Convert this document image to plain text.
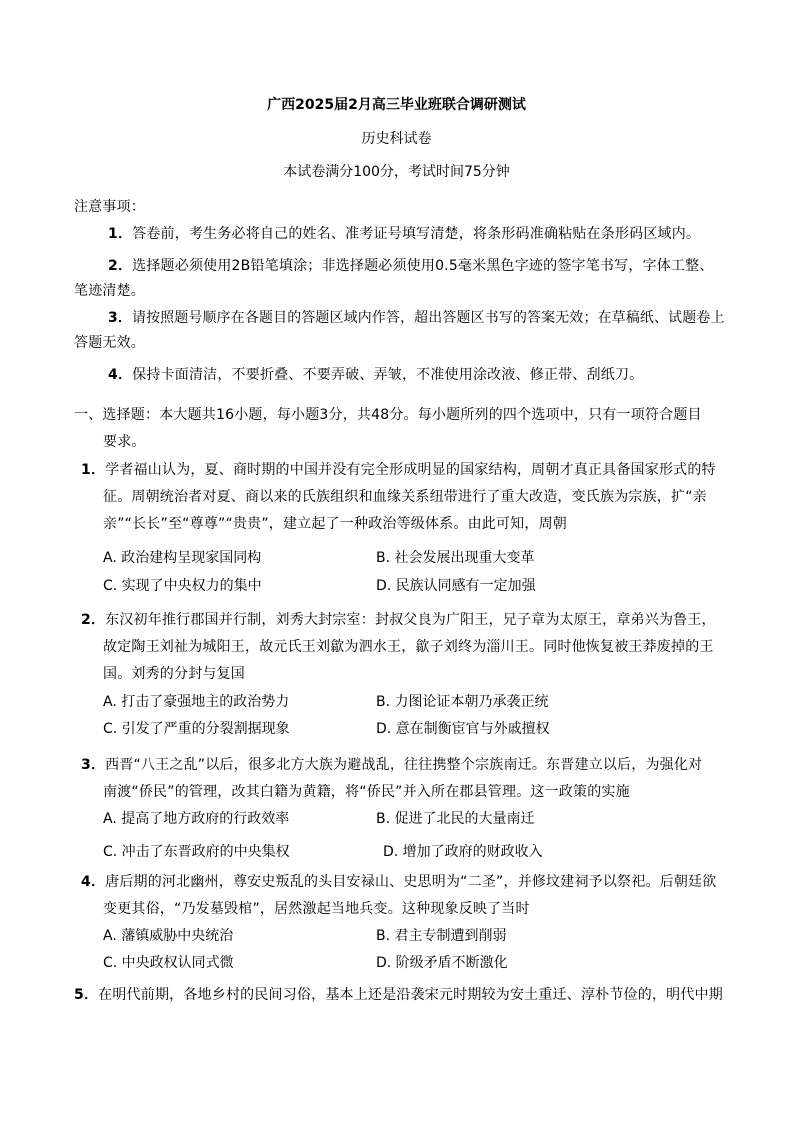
广西2025届2月高三毕业班联合调研测试
历史科试卷
本试卷满分100分，考试时间75分钟
注意事项：
1．答卷前，考生务必将自己的姓名、准考证号填写清楚，将条形码准确粘贴在条形码区域内。
2．选择题必须使用2B铅笔填涂；非选择题必须使用0.5毫米黑色字迹的签字笔书写，字体工整、
笔迹清楚。
3．请按照题号顺序在各题目的答题区域内作答，超出答题区书写的答案无效；在草稿纸、试题卷上
答题无效。
4．保持卡面清洁，不要折叠、不要弄破、弄皱，不准使用涂改液、修正带、刮纸刀。
一、选择题：本大题共16小题，每小题3分，共48分。每小题所列的四个选项中，只有一项符合题目
要求。
1．学者福山认为，夏、商时期的中国并没有完全形成明显的国家结构，周朝才真正具备国家形式的特
征。周朝统治者对夏、商以来的氏族组织和血缘关系纽带进行了重大改造，变氏族为宗族，扩“亲
亲”“长长”至“尊尊”“贵贵”，建立起了一种政治等级体系。由此可知，周朝
A. 政治建构呈现家国同构	B. 社会发展出现重大变革
C. 实现了中央权力的集中	D. 民族认同感有一定加强
2．东汉初年推行郡国并行制，刘秀大封宗室：封叔父良为广阳王，兄子章为太原王，章弟兴为鲁王，
故定陶王刘祉为城阳王，故元氏王刘歙为泗水王，歙子刘终为淄川王。同时他恢复被王莽废掉的王
国。刘秀的分封与复国
A. 打击了豪强地主的政治势力	B. 力图论证本朝乃承袭正统
C. 引发了严重的分裂割据现象	D. 意在制衡宦官与外戚擅权
3．西晋“八王之乱”以后，很多北方大族为避战乱，往往携整个宗族南迁。东晋建立以后，为强化对
南渡“侨民”的管理，改其白籍为黄籍，将“侨民”并入所在郡县管理。这一政策的实施
A. 提高了地方政府的行政效率	B. 促进了北民的大量南迁
C. 冲击了东晋政府的中央集权	D. 增加了政府的财政收入
4．唐后期的河北幽州，尊安史叛乱的头目安禄山、史思明为“二圣”，并修坟建祠予以祭祀。后朝廷欲
变更其俗，“乃发墓毁棺”，居然激起当地兵变。这种现象反映了当时
A. 藩镇威胁中央统治	B. 君主专制遭到削弱
C. 中央政权认同式微	D. 阶级矛盾不断激化
5．在明代前期，各地乡村的民间习俗，基本上还是沿袭宋元时期较为安土重迁、淳朴节俭的，明代中期
